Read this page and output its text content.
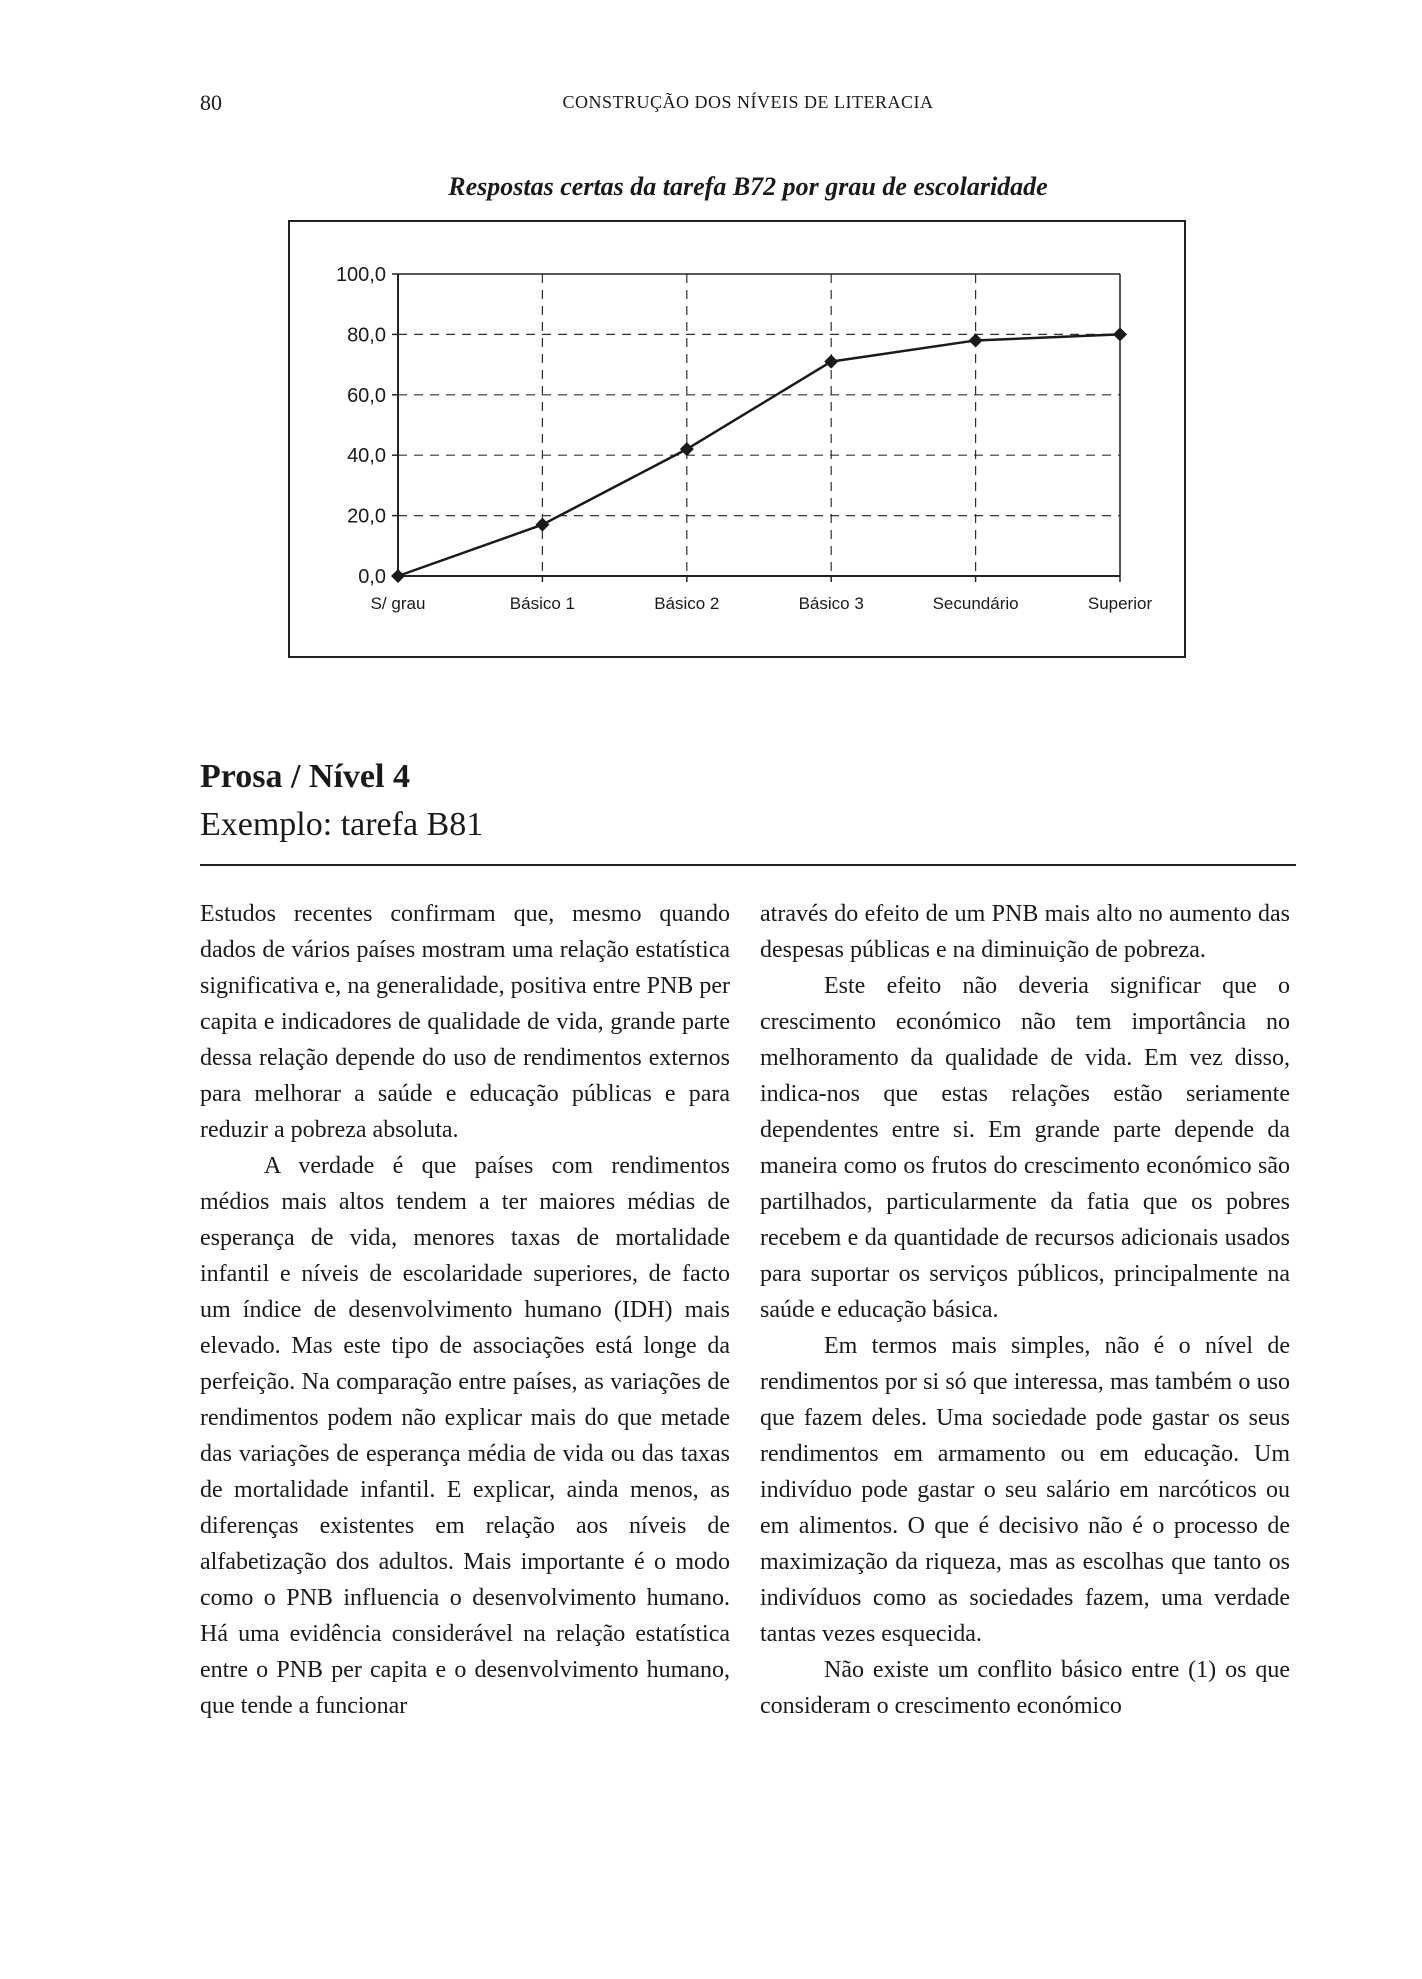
80	CONSTRUÇÃO DOS NÍVEIS DE LITERACIA
Respostas certas da tarefa B72 por grau de escolaridade
100,0
80,0
60,0
40,0
20,0
0,0
S/ grau	Básico 1	Básico 2	Básico 3	Secundário	Superior
Prosa / Nível 4
Exemplo: tarefa B81

Estudos recentes confirmam que, mesmo quando dados de vários países mostram uma relação estatística significativa e, na generalidade, positiva entre PNB per capita e indicadores de qualidade de vida, grande parte dessa relação depende do uso de rendimentos externos para melhorar a saúde e educação públicas e para reduzir a pobreza absoluta.

A verdade é que países com rendimentos médios mais altos tendem a ter maiores médias de esperança de vida, menores taxas de mortalidade infantil e níveis de escolaridade superiores, de facto um índice de desenvolvimento humano (IDH) mais elevado. Mas este tipo de associações está longe da perfeição. Na comparação entre países, as variações de rendimentos podem não explicar mais do que metade das variações de esperança média de vida ou das taxas de mortalidade infantil. E explicar, ainda menos, as diferenças existentes em relação aos níveis de alfabetização dos adultos. Mais importante é o modo como o PNB influencia o desenvolvimento humano. Há uma evidência considerável na relação estatística entre o PNB per capita e o desenvolvimento humano, que tende a funcionar

através do efeito de um PNB mais alto no aumento das despesas públicas e na diminuição de pobreza.

Este efeito não deveria significar que o crescimento económico não tem importância no melhoramento da qualidade de vida. Em vez disso, indica-nos que estas relações estão seriamente dependentes entre si. Em grande parte depende da maneira como os frutos do crescimento económico são partilhados, particularmente da fatia que os pobres recebem e da quantidade de recursos adicionais usados para suportar os serviços públicos, principalmente na saúde e educação básica.

Em termos mais simples, não é o nível de rendimentos por si só que interessa, mas também o uso que fazem deles. Uma sociedade pode gastar os seus rendimentos em armamento ou em educação. Um indivíduo pode gastar o seu salário em narcóticos ou em alimentos. O que é decisivo não é o processo de maximização da riqueza, mas as escolhas que tanto os indivíduos como as sociedades fazem, uma verdade tantas vezes esquecida.

Não existe um conflito básico entre (1) os que consideram o crescimento económico
